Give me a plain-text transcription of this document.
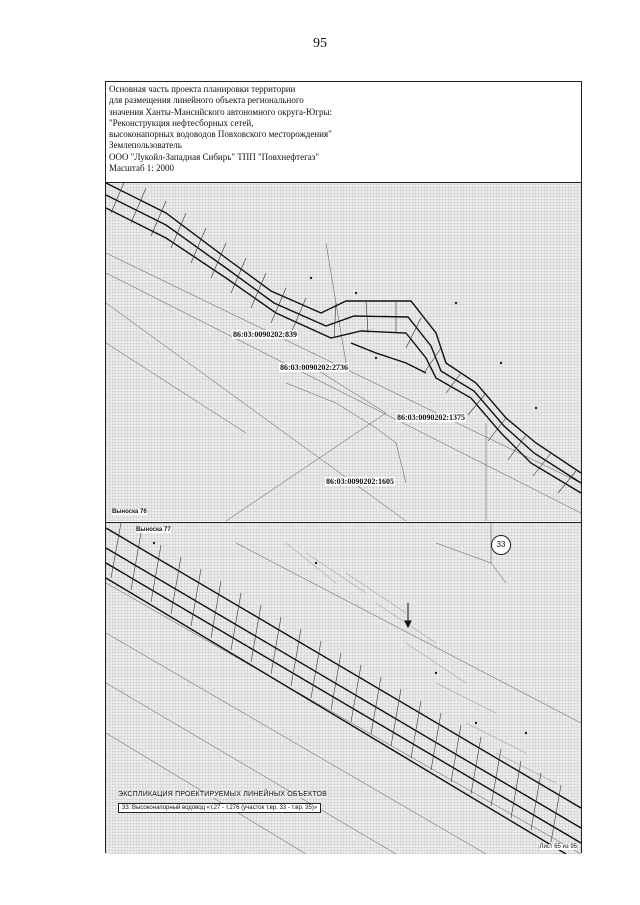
95
Основная часть проекта планировки территории
для размещения линейного объекта регионального
значения Ханты-Мансийского автономного округа-Югры:
"Реконструкция нефтесборных сетей,
высоконапорных водоводов Повховского месторождения"
Землепользователь
ООО "Лукойл-Западная Сибирь" ТПП "Повхнефтегаз"
Масштаб 1: 2000
86:03:0090202:839
86:03:0090202:2736
86:03:0090202:1375
86:03:0090202:1605
Выноска 76
Выноска 77
33
ЭКСПЛИКАЦИЯ ПРОЕКТИРУЕМЫХ ЛИНЕЙНЫХ ОБЪЕКТОВ
33. Высоконапорный водовод «т.27 - т.276 (участок т.вр. 33 - т.вр. 35)»
Лист 65 из 95
